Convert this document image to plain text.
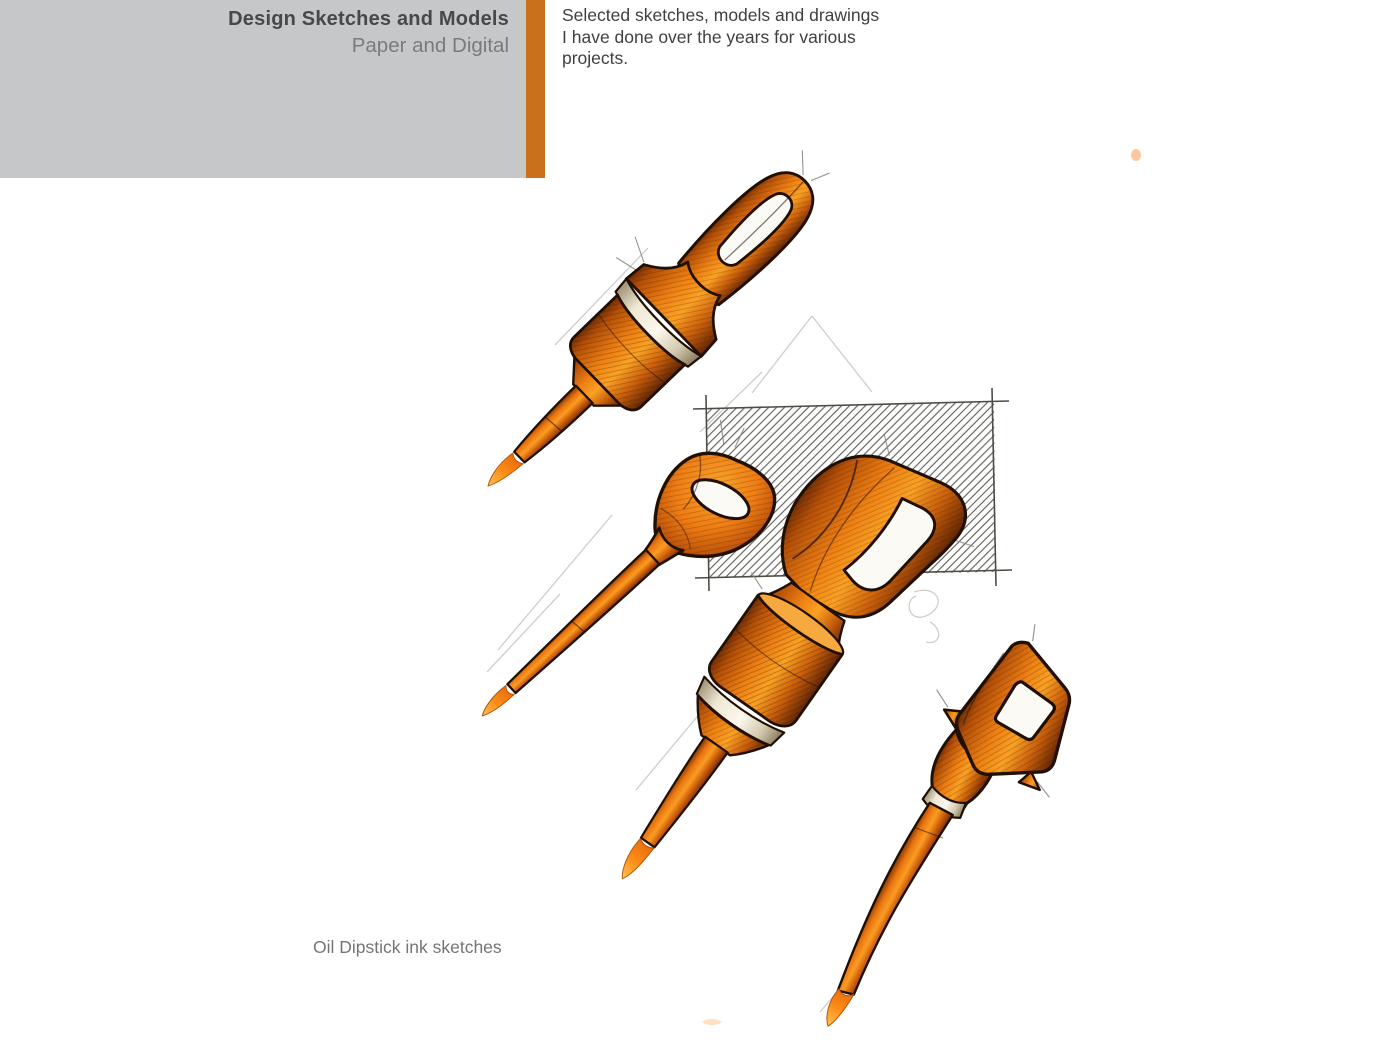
Design Sketches and Models
Paper and Digital
Selected sketches, models and drawings
I have done over the years for various
projects.
Oil Dipstick ink sketches
